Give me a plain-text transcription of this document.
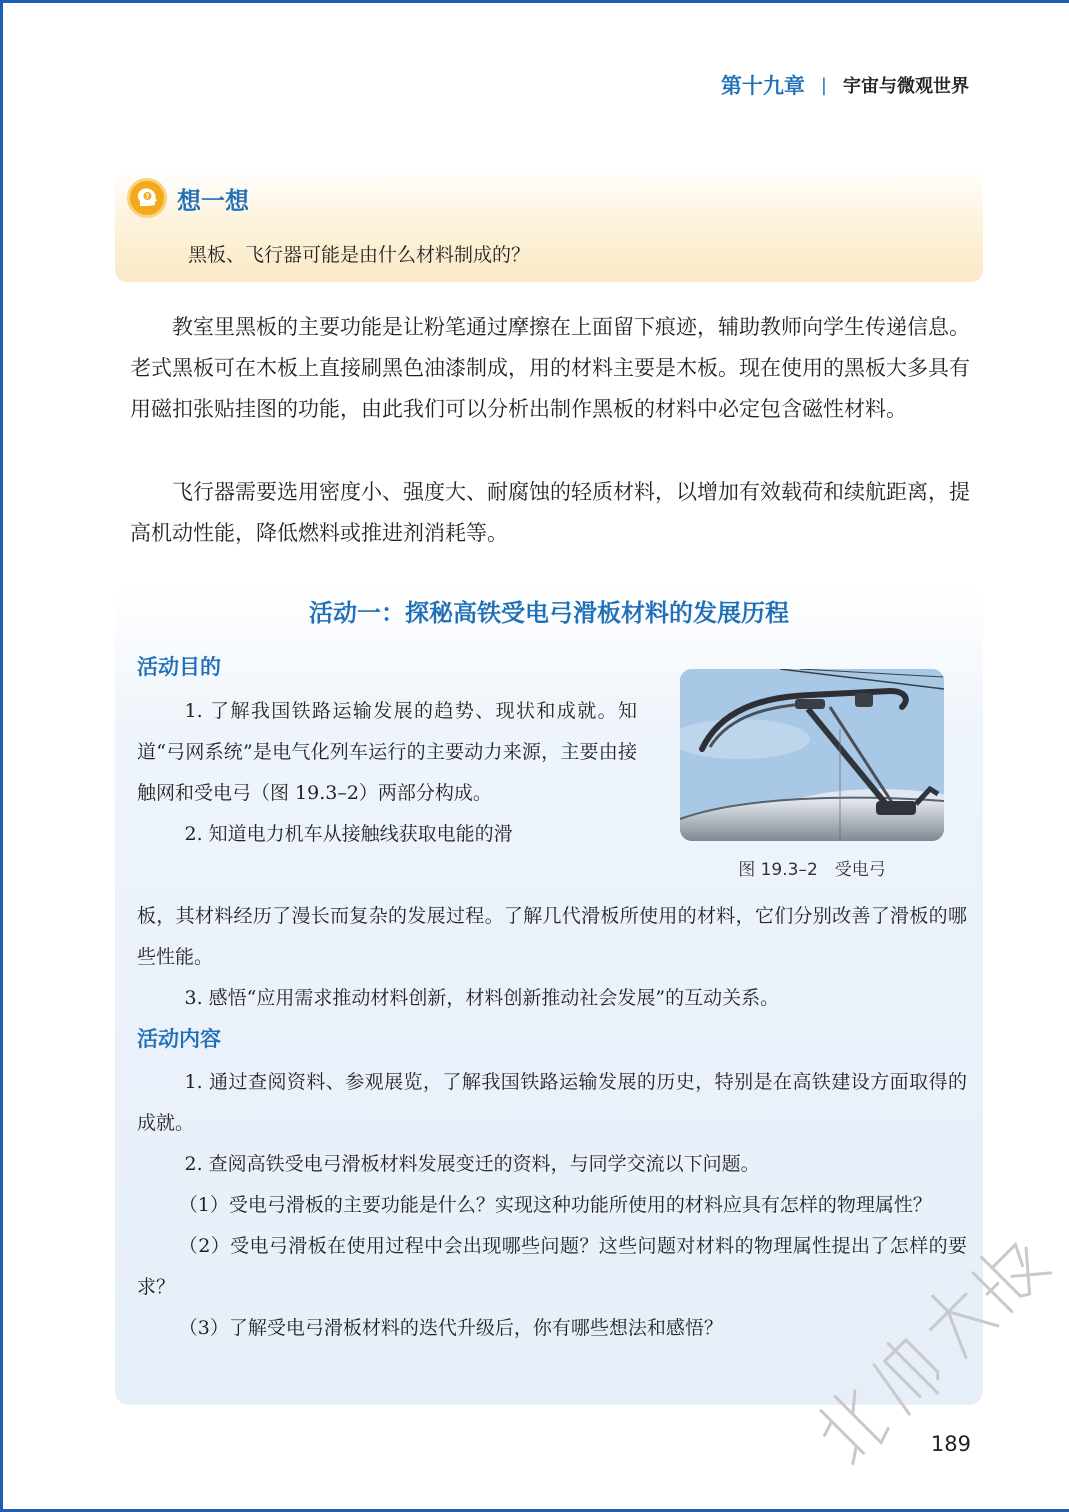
第十九章 | 宇宙与微观世界
? 想一想
黑板、飞行器可能是由什么材料制成的？

教室里黑板的主要功能是让粉笔通过摩擦在上面留下痕迹，辅助教师向学生传递信息。老式黑板可在木板上直接刷黑色油漆制成，用的材料主要是木板。现在使用的黑板大多具有用磁扣张贴挂图的功能，由此我们可以分析出制作黑板的材料中必定包含磁性材料。

飞行器需要选用密度小、强度大、耐腐蚀的轻质材料，以增加有效载荷和续航距离，提高机动性能，降低燃料或推进剂消耗等。

活动一：探秘高铁受电弓滑板材料的发展历程
活动目的

1. 了解我国铁路运输发展的趋势、现状和成就。知道“弓网系统”是电气化列车运行的主要动力来源，主要由接触网和受电弓（图 19.3–2）两部分构成。

2. 知道电力机车从接触线获取电能的滑

图 19.3–2　受电弓

板，其材料经历了漫长而复杂的发展过程。了解几代滑板所使用的材料，它们分别改善了滑板的哪些性能。

3. 感悟“应用需求推动材料创新，材料创新推动社会发展”的互动关系。

活动内容

1. 通过查阅资料、参观展览，了解我国铁路运输发展的历史，特别是在高铁建设方面取得的成就。

2. 查阅高铁受电弓滑板材料发展变迁的资料，与同学交流以下问题。

（1）受电弓滑板的主要功能是什么？实现这种功能所使用的材料应具有怎样的物理属性？

（2）受电弓滑板在使用过程中会出现哪些问题？这些问题对材料的物理属性提出了怎样的要求？

（3）了解受电弓滑板材料的迭代升级后，你有哪些想法和感悟？

189
